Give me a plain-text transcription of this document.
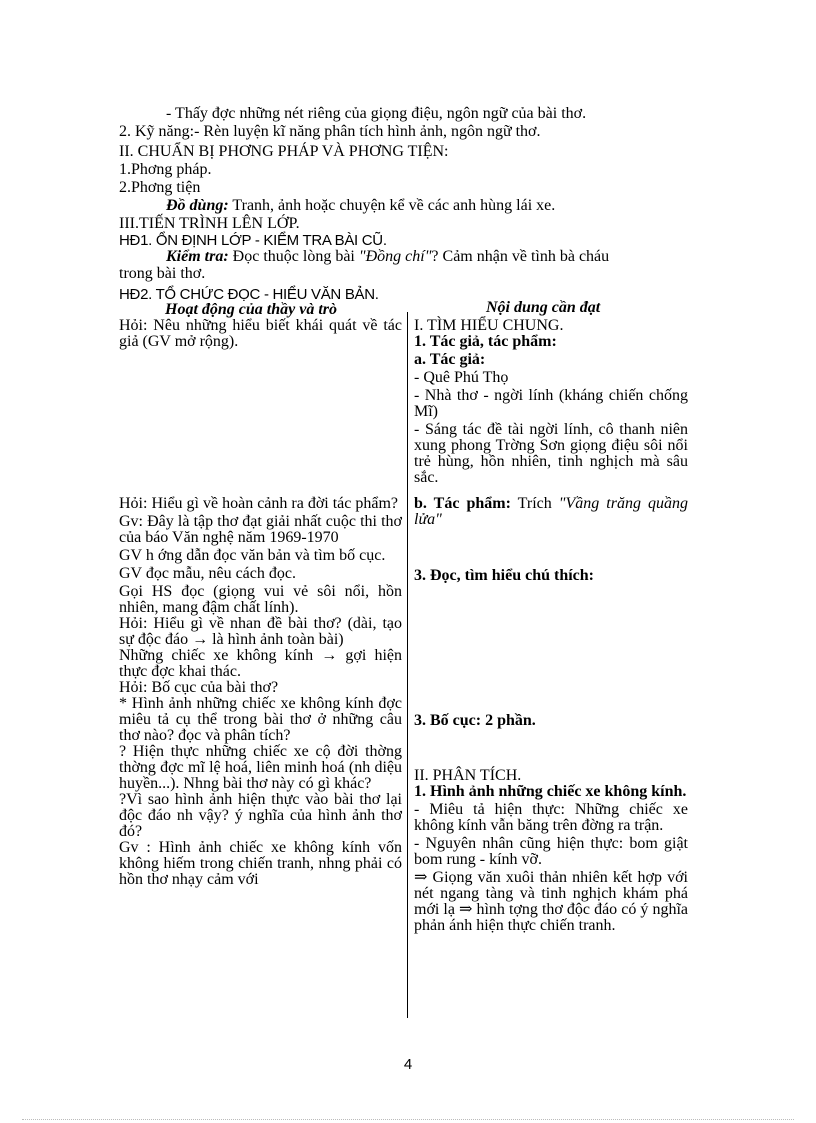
- Thấy đợc những nét riêng của giọng điệu, ngôn ngữ của bài thơ.
2. Kỹ năng:- Rèn luyện kĩ năng phân tích hình ảnh, ngôn ngữ thơ.
II. CHUẨN BỊ PHƠNG PHÁP VÀ PHƠNG TIỆN:
1.Phơng pháp.
2.Phơng tiện
Đồ dùng: Tranh, ảnh hoặc chuyện kể về các anh hùng lái xe.
III.TIẾN TRÌNH LÊN LỚP.
HĐ1. ỔN ĐỊNH LỚP - KIỂM TRA BÀI CŨ.
Kiểm tra: Đọc thuộc lòng bài "Đồng chí"? Cảm nhận về tình bà cháu
trong bài thơ.
HĐ2. TỔ CHỨC ĐỌC - HIỂU VĂN BẢN.
Hoạt động của thầy và trò	Nội dung cần đạt

Hỏi: Nêu những hiểu biết khái quát về tác giả (GV mở rộng).

Hỏi: Hiểu gì về hoàn cảnh ra đời tác phẩm?

Gv: Đây là tập thơ đạt giải nhất cuộc thi thơ của báo Văn nghệ năm 1969-1970

GV h ớng dẫn đọc văn bản và tìm bố cục.

GV đọc mẫu, nêu cách đọc.

Gọi HS đọc (giọng vui vẻ sôi nổi, hồn nhiên, mang đậm chất lính).

Hỏi: Hiểu gì về nhan đề bài thơ? (dài, tạo sự độc đáo → là hình ảnh toàn bài)

Những chiếc xe không kính → gợi hiện thực đợc khai thác.

Hỏi: Bố cục của bài thơ?

* Hình ảnh những chiếc xe không kính đợc miêu tả cụ thể trong bài thơ ở những câu thơ nào? đọc và phân tích?

? Hiện thực những chiếc xe cộ đời thờng thờng đợc mĩ lệ hoá, liên minh hoá (nh diệu huyền...). Nhng bài thơ này có gì khác?

?Vì sao hình ảnh hiện thực vào bài thơ lại độc đáo nh vậy? ý nghĩa của hình ảnh thơ đó?

Gv : Hình ảnh chiếc xe không kính vốn không hiếm trong chiến tranh, nhng phải có hồn thơ nhạy cảm với

I. TÌM HIỂU CHUNG.

1. Tác giả, tác phẩm:

a. Tác giả:

- Quê Phú Thọ

- Nhà thơ - ngời lính (kháng chiến chống Mĩ)

- Sáng tác đề tài ngời lính, cô thanh niên xung phong Trờng Sơn giọng điệu sôi nổi trẻ hùng, hồn nhiên, tinh nghịch mà sâu sắc.

b. Tác phẩm: Trích "Vầng trăng quầng lửa"

3. Đọc, tìm hiểu chú thích:

3. Bố cục: 2 phần.

II. PHÂN TÍCH.

1. Hình ảnh những chiếc xe không kính.

- Miêu tả hiện thực: Những chiếc xe không kính vẫn băng trên đờng ra trận.

- Nguyên nhân cũng hiện thực: bom giật bom rung - kính vỡ.

⇒ Giọng văn xuôi thản nhiên kết hợp với nét ngang tàng và tinh nghịch khám phá mới lạ ⇒ hình tợng thơ độc đáo có ý nghĩa phản ánh hiện thực chiến tranh.

4
